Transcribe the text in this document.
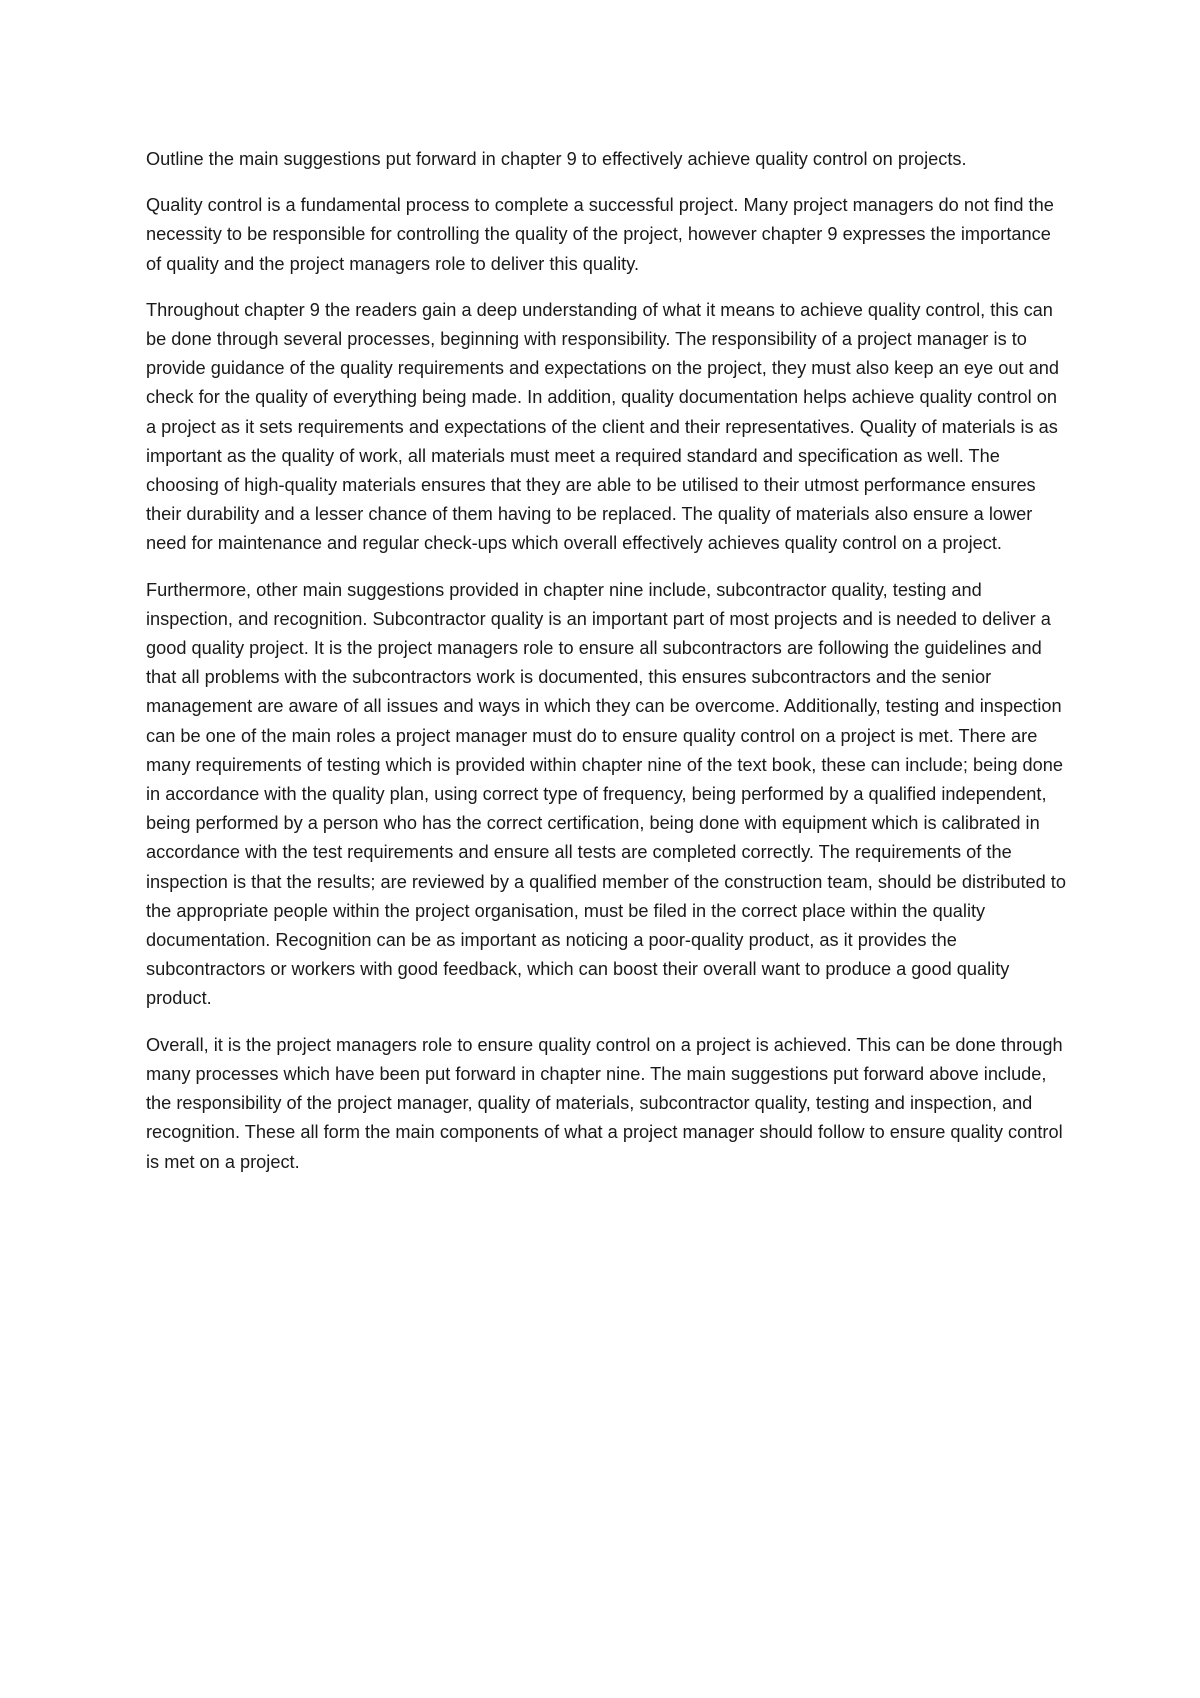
Outline the main suggestions put forward in chapter 9 to effectively achieve quality control on projects.

Quality control is a fundamental process to complete a successful project. Many project managers do not find the necessity to be responsible for controlling the quality of the project, however chapter 9 expresses the importance of quality and the project managers role to deliver this quality.

Throughout chapter 9 the readers gain a deep understanding of what it means to achieve quality control, this can be done through several processes, beginning with responsibility. The responsibility of a project manager is to provide guidance of the quality requirements and expectations on the project, they must also keep an eye out and check for the quality of everything being made. In addition, quality documentation helps achieve quality control on a project as it sets requirements and expectations of the client and their representatives. Quality of materials is as important as the quality of work, all materials must meet a required standard and specification as well. The choosing of high-quality materials ensures that they are able to be utilised to their utmost performance ensures their durability and a lesser chance of them having to be replaced. The quality of materials also ensure a lower need for maintenance and regular check-ups which overall effectively achieves quality control on a project.

Furthermore, other main suggestions provided in chapter nine include, subcontractor quality, testing and inspection, and recognition. Subcontractor quality is an important part of most projects and is needed to deliver a good quality project. It is the project managers role to ensure all subcontractors are following the guidelines and that all problems with the subcontractors work is documented, this ensures subcontractors and the senior management are aware of all issues and ways in which they can be overcome. Additionally, testing and inspection can be one of the main roles a project manager must do to ensure quality control on a project is met. There are many requirements of testing which is provided within chapter nine of the text book, these can include; being done in accordance with the quality plan, using correct type of frequency, being performed by a qualified independent, being performed by a person who has the correct certification, being done with equipment which is calibrated in accordance with the test requirements and ensure all tests are completed correctly. The requirements of the inspection is that the results; are reviewed by a qualified member of the construction team, should be distributed to the appropriate people within the project organisation, must be filed in the correct place within the quality documentation. Recognition can be as important as noticing a poor-quality product, as it provides the subcontractors or workers with good feedback, which can boost their overall want to produce a good quality product.

Overall, it is the project managers role to ensure quality control on a project is achieved. This can be done through many processes which have been put forward in chapter nine. The main suggestions put forward above include, the responsibility of the project manager, quality of materials, subcontractor quality, testing and inspection, and recognition. These all form the main components of what a project manager should follow to ensure quality control is met on a project.
